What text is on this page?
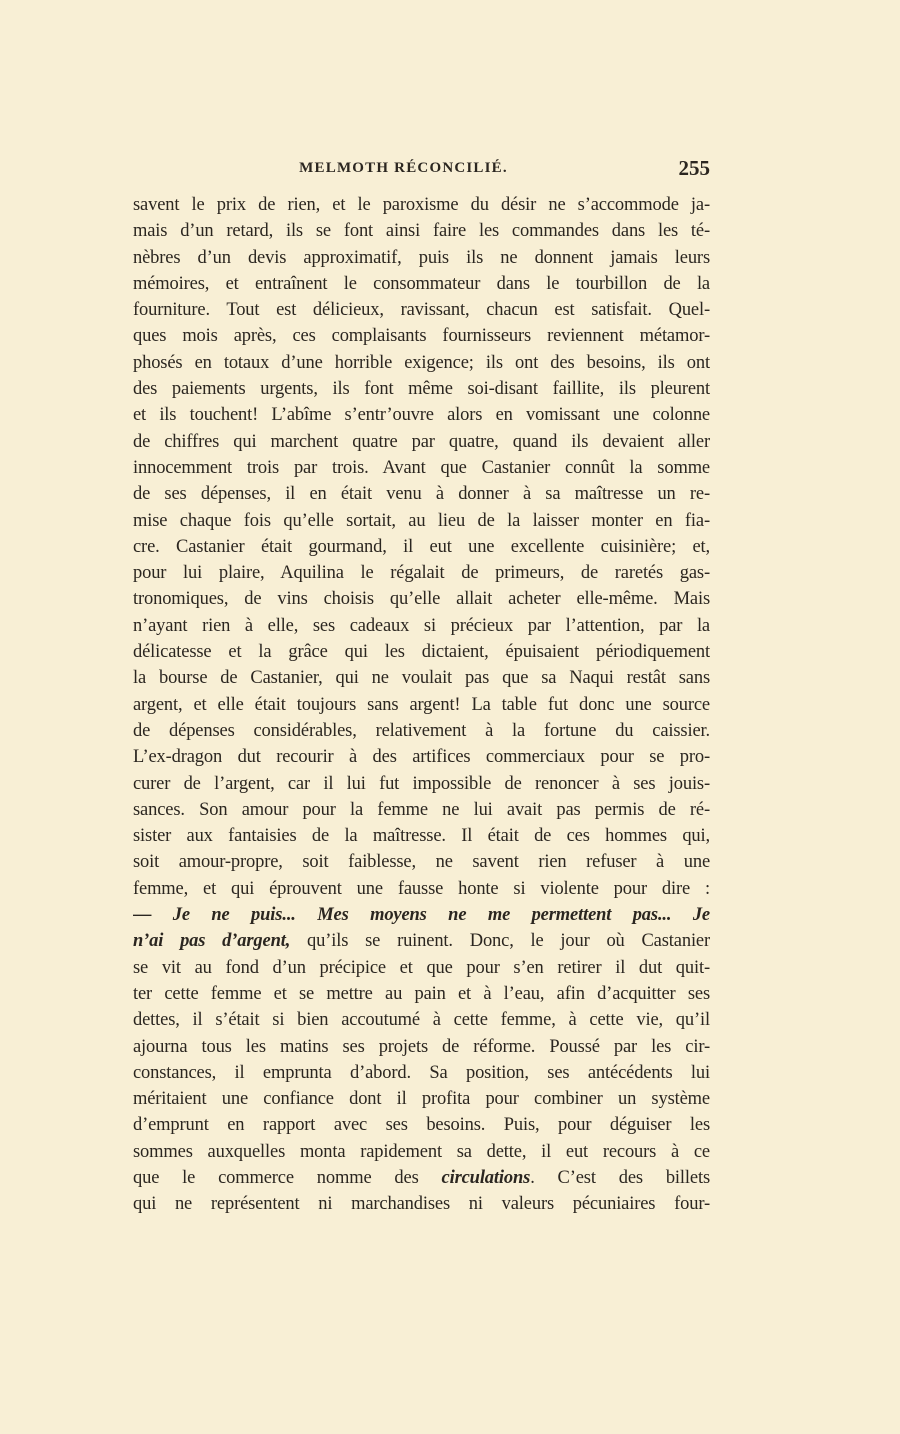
MELMOTH RÉCONCILIÉ.	255
savent le prix de rien, et le paroxisme du désir ne s’accommode ja-
mais d’un retard, ils se font ainsi faire les commandes dans les té-
nèbres d’un devis approximatif, puis ils ne donnent jamais leurs
mémoires, et entraînent le consommateur dans le tourbillon de la
fourniture. Tout est délicieux, ravissant, chacun est satisfait. Quel-
ques mois après, ces complaisants fournisseurs reviennent métamor-
phosés en totaux d’une horrible exigence; ils ont des besoins, ils ont
des paiements urgents, ils font même soi-disant faillite, ils pleurent
et ils touchent! L’abîme s’entr’ouvre alors en vomissant une colonne
de chiffres qui marchent quatre par quatre, quand ils devaient aller
innocemment trois par trois. Avant que Castanier connût la somme
de ses dépenses, il en était venu à donner à sa maîtresse un re-
mise chaque fois qu’elle sortait, au lieu de la laisser monter en fia-
cre. Castanier était gourmand, il eut une excellente cuisinière; et,
pour lui plaire, Aquilina le régalait de primeurs, de raretés gas-
tronomiques, de vins choisis qu’elle allait acheter elle-même. Mais
n’ayant rien à elle, ses cadeaux si précieux par l’attention, par la
délicatesse et la grâce qui les dictaient, épuisaient périodiquement
la bourse de Castanier, qui ne voulait pas que sa Naqui restât sans
argent, et elle était toujours sans argent! La table fut donc une source
de dépenses considérables, relativement à la fortune du caissier.
L’ex-dragon dut recourir à des artifices commerciaux pour se pro-
curer de l’argent, car il lui fut impossible de renoncer à ses jouis-
sances. Son amour pour la femme ne lui avait pas permis de ré-
sister aux fantaisies de la maîtresse. Il était de ces hommes qui,
soit amour-propre, soit faiblesse, ne savent rien refuser à une
femme, et qui éprouvent une fausse honte si violente pour dire :
— Je ne puis... Mes moyens ne me permettent pas... Je
n’ai pas d’argent, qu’ils se ruinent. Donc, le jour où Castanier
se vit au fond d’un précipice et que pour s’en retirer il dut quit-
ter cette femme et se mettre au pain et à l’eau, afin d’acquitter ses
dettes, il s’était si bien accoutumé à cette femme, à cette vie, qu’il
ajourna tous les matins ses projets de réforme. Poussé par les cir-
constances, il emprunta d’abord. Sa position, ses antécédents lui
méritaient une confiance dont il profita pour combiner un système
d’emprunt en rapport avec ses besoins. Puis, pour déguiser les
sommes auxquelles monta rapidement sa dette, il eut recours à ce
que le commerce nomme des circulations. C’est des billets
qui ne représentent ni marchandises ni valeurs pécuniaires four-
